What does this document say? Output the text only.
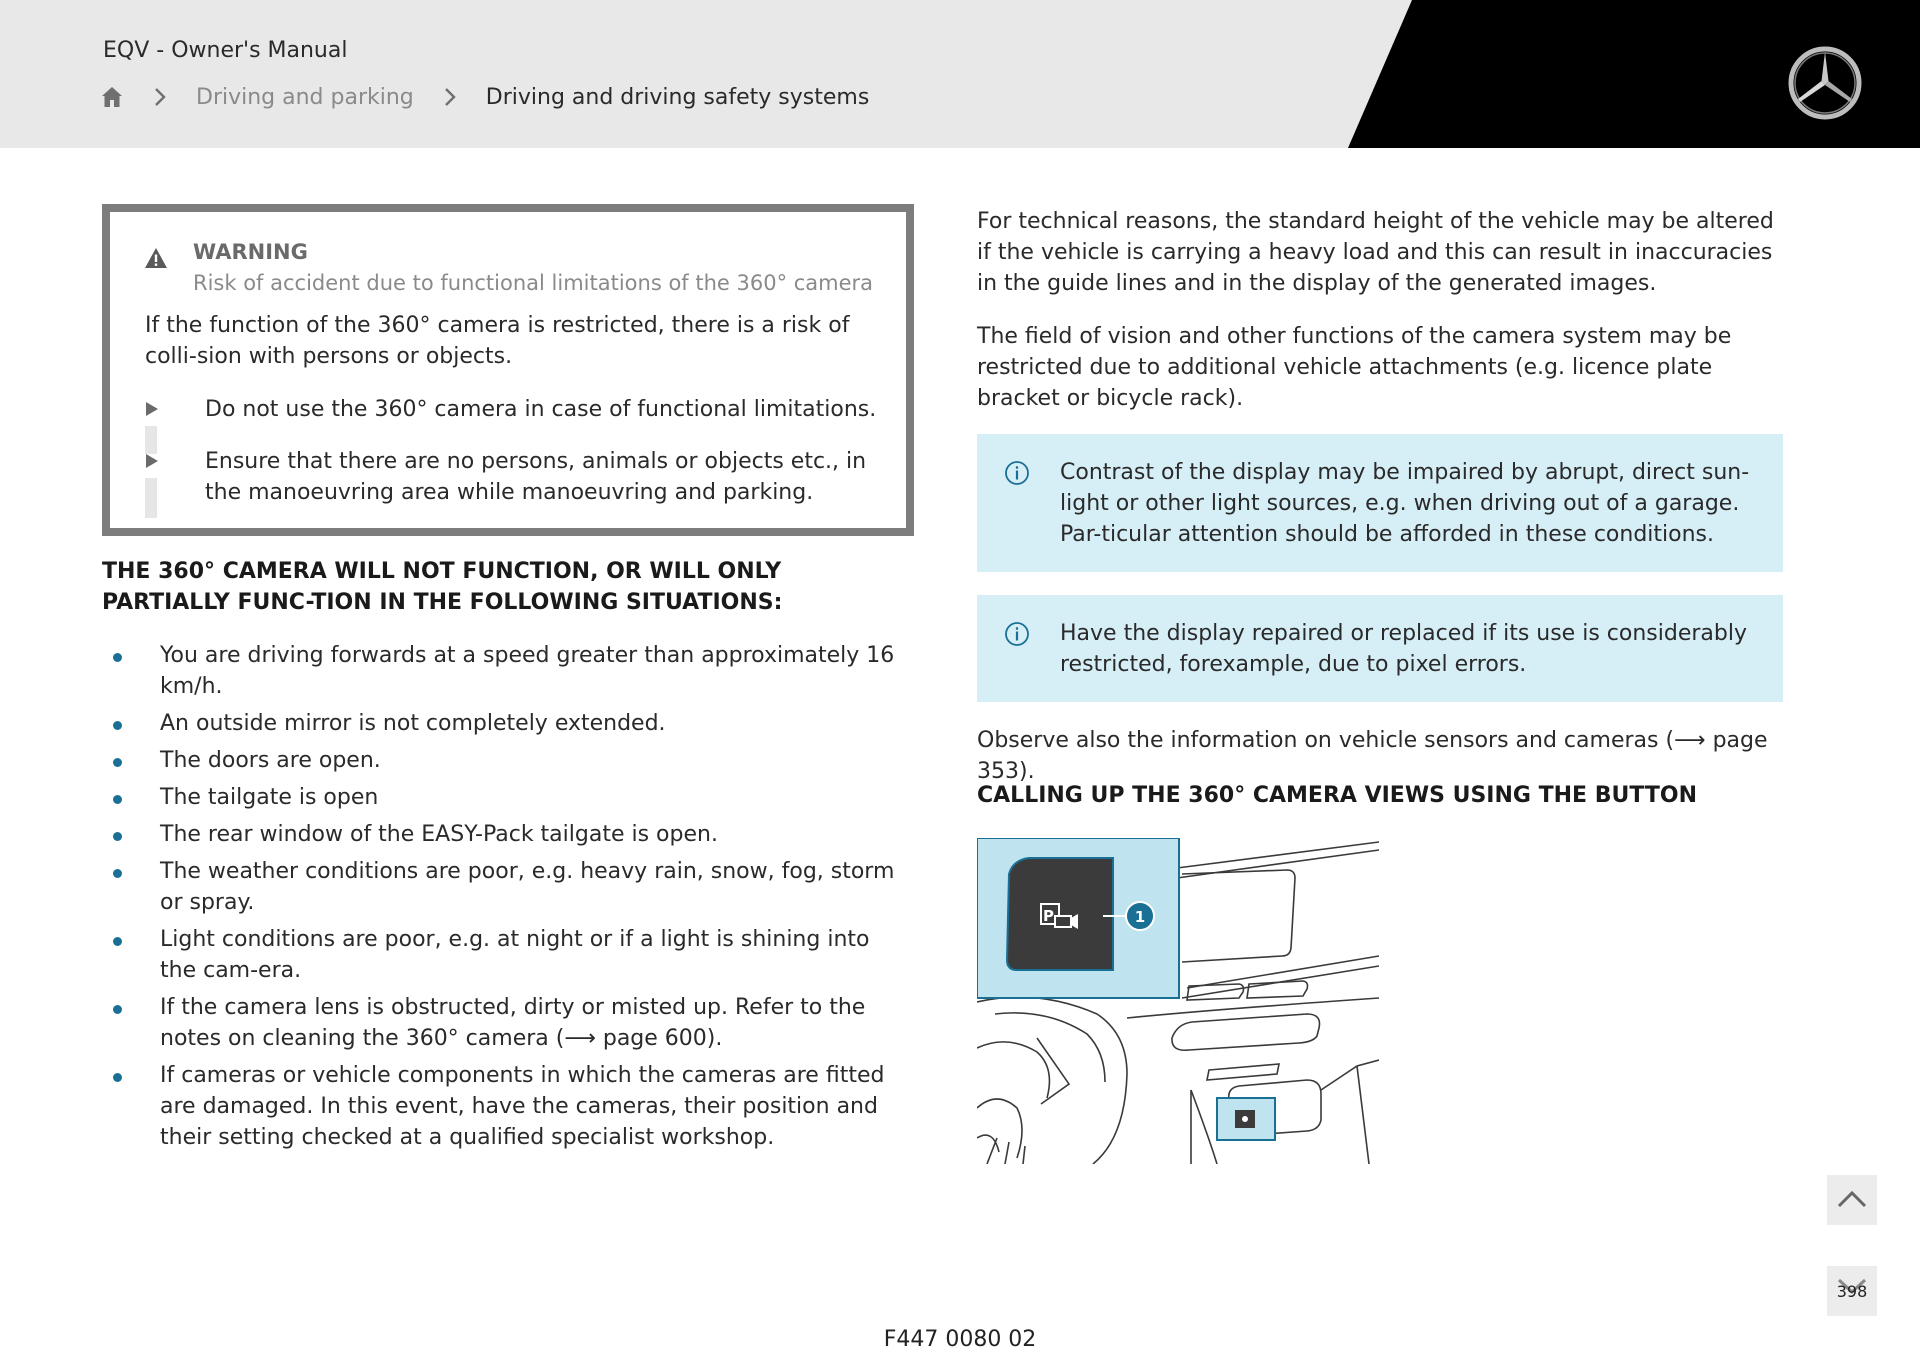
EQV - Owner's Manual
Driving and parking	Driving and driving safety systems
WARNING
Risk of accident due to functional limitations of the 360° camera
If the function of the 360° camera is restricted, there is a risk of colli-sion with persons or objects.
Do not use the 360° camera in case of functional limitations.
Ensure that there are no persons, animals or objects etc., in the manoeuvring area while manoeuvring and parking.
THE 360° CAMERA WILL NOT FUNCTION, OR WILL ONLY PARTIALLY FUNC-TION IN THE FOLLOWING SITUATIONS:
You are driving forwards at a speed greater than approximately 16 km/h.
An outside mirror is not completely extended.
The doors are open.
The tailgate is open
The rear window of the EASY-Pack tailgate is open.
The weather conditions are poor, e.g. heavy rain, snow, fog, storm or spray.
Light conditions are poor, e.g. at night or if a light is shining into the cam-era.
If the camera lens is obstructed, dirty or misted up. Refer to the notes on cleaning the 360° camera (⟶ page 600).
If cameras or vehicle components in which the cameras are fitted are damaged. In this event, have the cameras, their position and their setting checked at a qualified specialist workshop.
For technical reasons, the standard height of the vehicle may be altered if the vehicle is carrying a heavy load and this can result in inaccuracies in the guide lines and in the display of the generated images.
The field of vision and other functions of the camera system may be restricted due to additional vehicle attachments (e.g. licence plate bracket or bicycle rack).
Contrast of the display may be impaired by abrupt, direct sun-light or other light sources, e.g. when driving out of a garage. Par-ticular attention should be afforded in these conditions.
Have the display repaired or replaced if its use is considerably restricted, forexample, due to pixel errors.
Observe also the information on vehicle sensors and cameras (⟶ page 353).
CALLING UP THE 360° CAMERA VIEWS USING THE BUTTON
P	1
398
F447 0080 02
